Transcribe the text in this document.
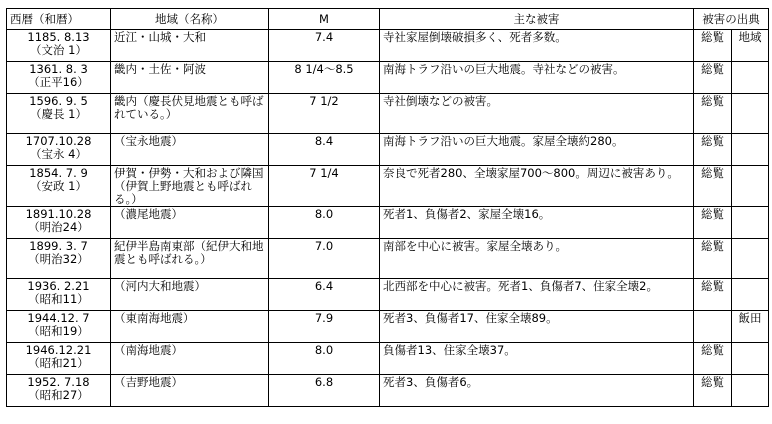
西暦（和暦）	地域（名称）	M	主な被害	被害の出典	

1185. 8.13
（文治 1）	近江・山城・大和	7.4	寺社家屋倒壊破損多く、死者多数。	総覧	地域

1361. 8. 3
（正平16）	畿内・土佐・阿波	8 1/4～8.5	南海トラフ沿いの巨大地震。寺社などの被害。	総覧	

1596. 9. 5
（慶長 1）	畿内（慶長伏見地震とも呼ばれている。）	7 1/2	寺社倒壊などの被害。	総覧	

1707.10.28
（宝永 4）	（宝永地震）	8.4	南海トラフ沿いの巨大地震。家屋全壊約280。	総覧	

1854. 7. 9
（安政 1）	伊賀・伊勢・大和および隣国（伊賀上野地震とも呼ばれる。）	7 1/4	奈良で死者280、全壊家屋700～800。周辺に被害あり。	総覧	

1891.10.28
（明治24）	（濃尾地震）	8.0	死者1、負傷者2、家屋全壊16。	総覧	

1899. 3. 7
（明治32）	紀伊半島南東部（紀伊大和地震とも呼ばれる。）	7.0	南部を中心に被害。家屋全壊あり。	総覧	

1936. 2.21
（昭和11）	（河内大和地震）	6.4	北西部を中心に被害。死者1、負傷者7、住家全壊2。	総覧	

1944.12. 7
（昭和19）	（東南海地震）	7.9	死者3、負傷者17、住家全壊89。		飯田

1946.12.21
（昭和21）	（南海地震）	8.0	負傷者13、住家全壊37。	総覧	

1952. 7.18
（昭和27）	（吉野地震）	6.8	死者3、負傷者6。	総覧	
